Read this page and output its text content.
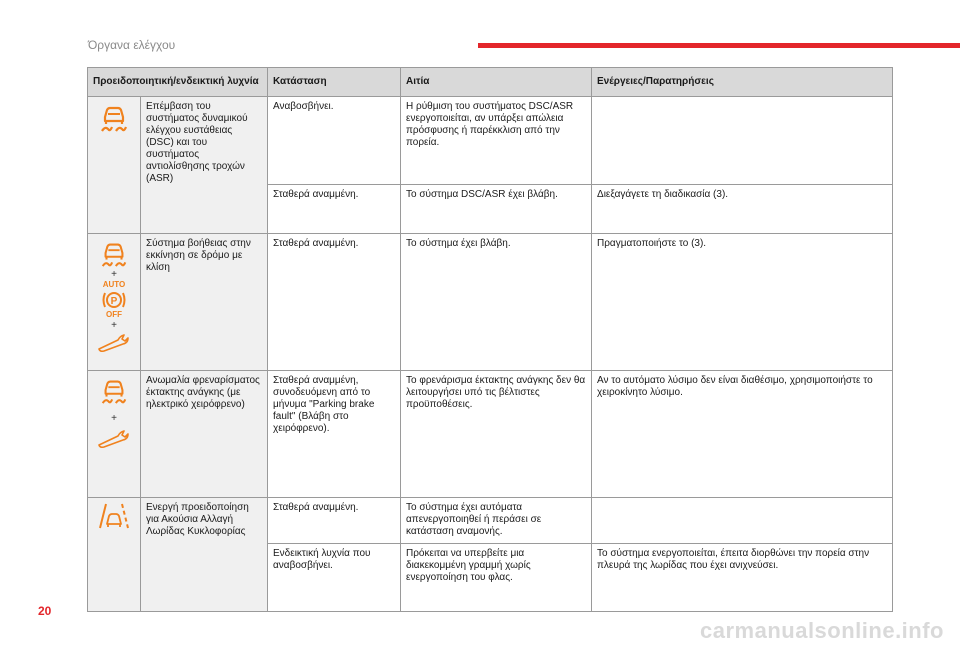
Όργανα ελέγχου
Προειδοποιητική/ενδεικτική λυχνία		Κατάσταση	Αιτία	Ενέργειες/Παρατηρήσεις

	Επέμβαση του συστήματος δυναμικού ελέγχου ευστάθειας (DSC) και του συστήματος αντιολίσθησης τροχών (ASR)	Αναβοσβήνει.	Η ρύθμιση του συστήματος DSC/ASR ενεργοποιείται, αν υπάρξει απώλεια πρόσφυσης ή παρέκκλιση από την πορεία.	
		Σταθερά αναμμένη.	Το σύστημα DSC/ASR έχει βλάβη.	Διεξαγάγετε τη διαδικασία (3).

+
AUTO
P
OFF
+	Σύστημα βοήθειας στην εκκίνηση σε δρόμο με κλίση	Σταθερά αναμμένη.	Το σύστημα έχει βλάβη.	Πραγματοποιήστε το (3).

+	Ανωμαλία φρεναρίσματος έκτακτης ανάγκης (με ηλεκτρικό χειρόφρενο)	Σταθερά αναμμένη, συνοδευόμενη από το μήνυμα "Parking brake fault" (Βλάβη στο χειρόφρενο).	Το φρενάρισμα έκτακτης ανάγκης δεν θα λειτουργήσει υπό τις βέλτιστες προϋποθέσεις.	Αν το αυτόματο λύσιμο δεν είναι διαθέσιμο, χρησιμοποιήστε το χειροκίνητο λύσιμο.

	Ενεργή προειδοποίηση για Ακούσια Αλλαγή Λωρίδας Κυκλοφορίας	Σταθερά αναμμένη.	Το σύστημα έχει αυτόματα απενεργοποιηθεί ή περάσει σε κατάσταση αναμονής.	
		Ενδεικτική λυχνία που αναβοσβήνει.	Πρόκειται να υπερβείτε μια διακεκομμένη γραμμή χωρίς ενεργοποίηση του φλας.	Το σύστημα ενεργοποιείται, έπειτα διορθώνει την πορεία στην πλευρά της λωρίδας που έχει ανιχνεύσει.
20
carmanualsonline.info
